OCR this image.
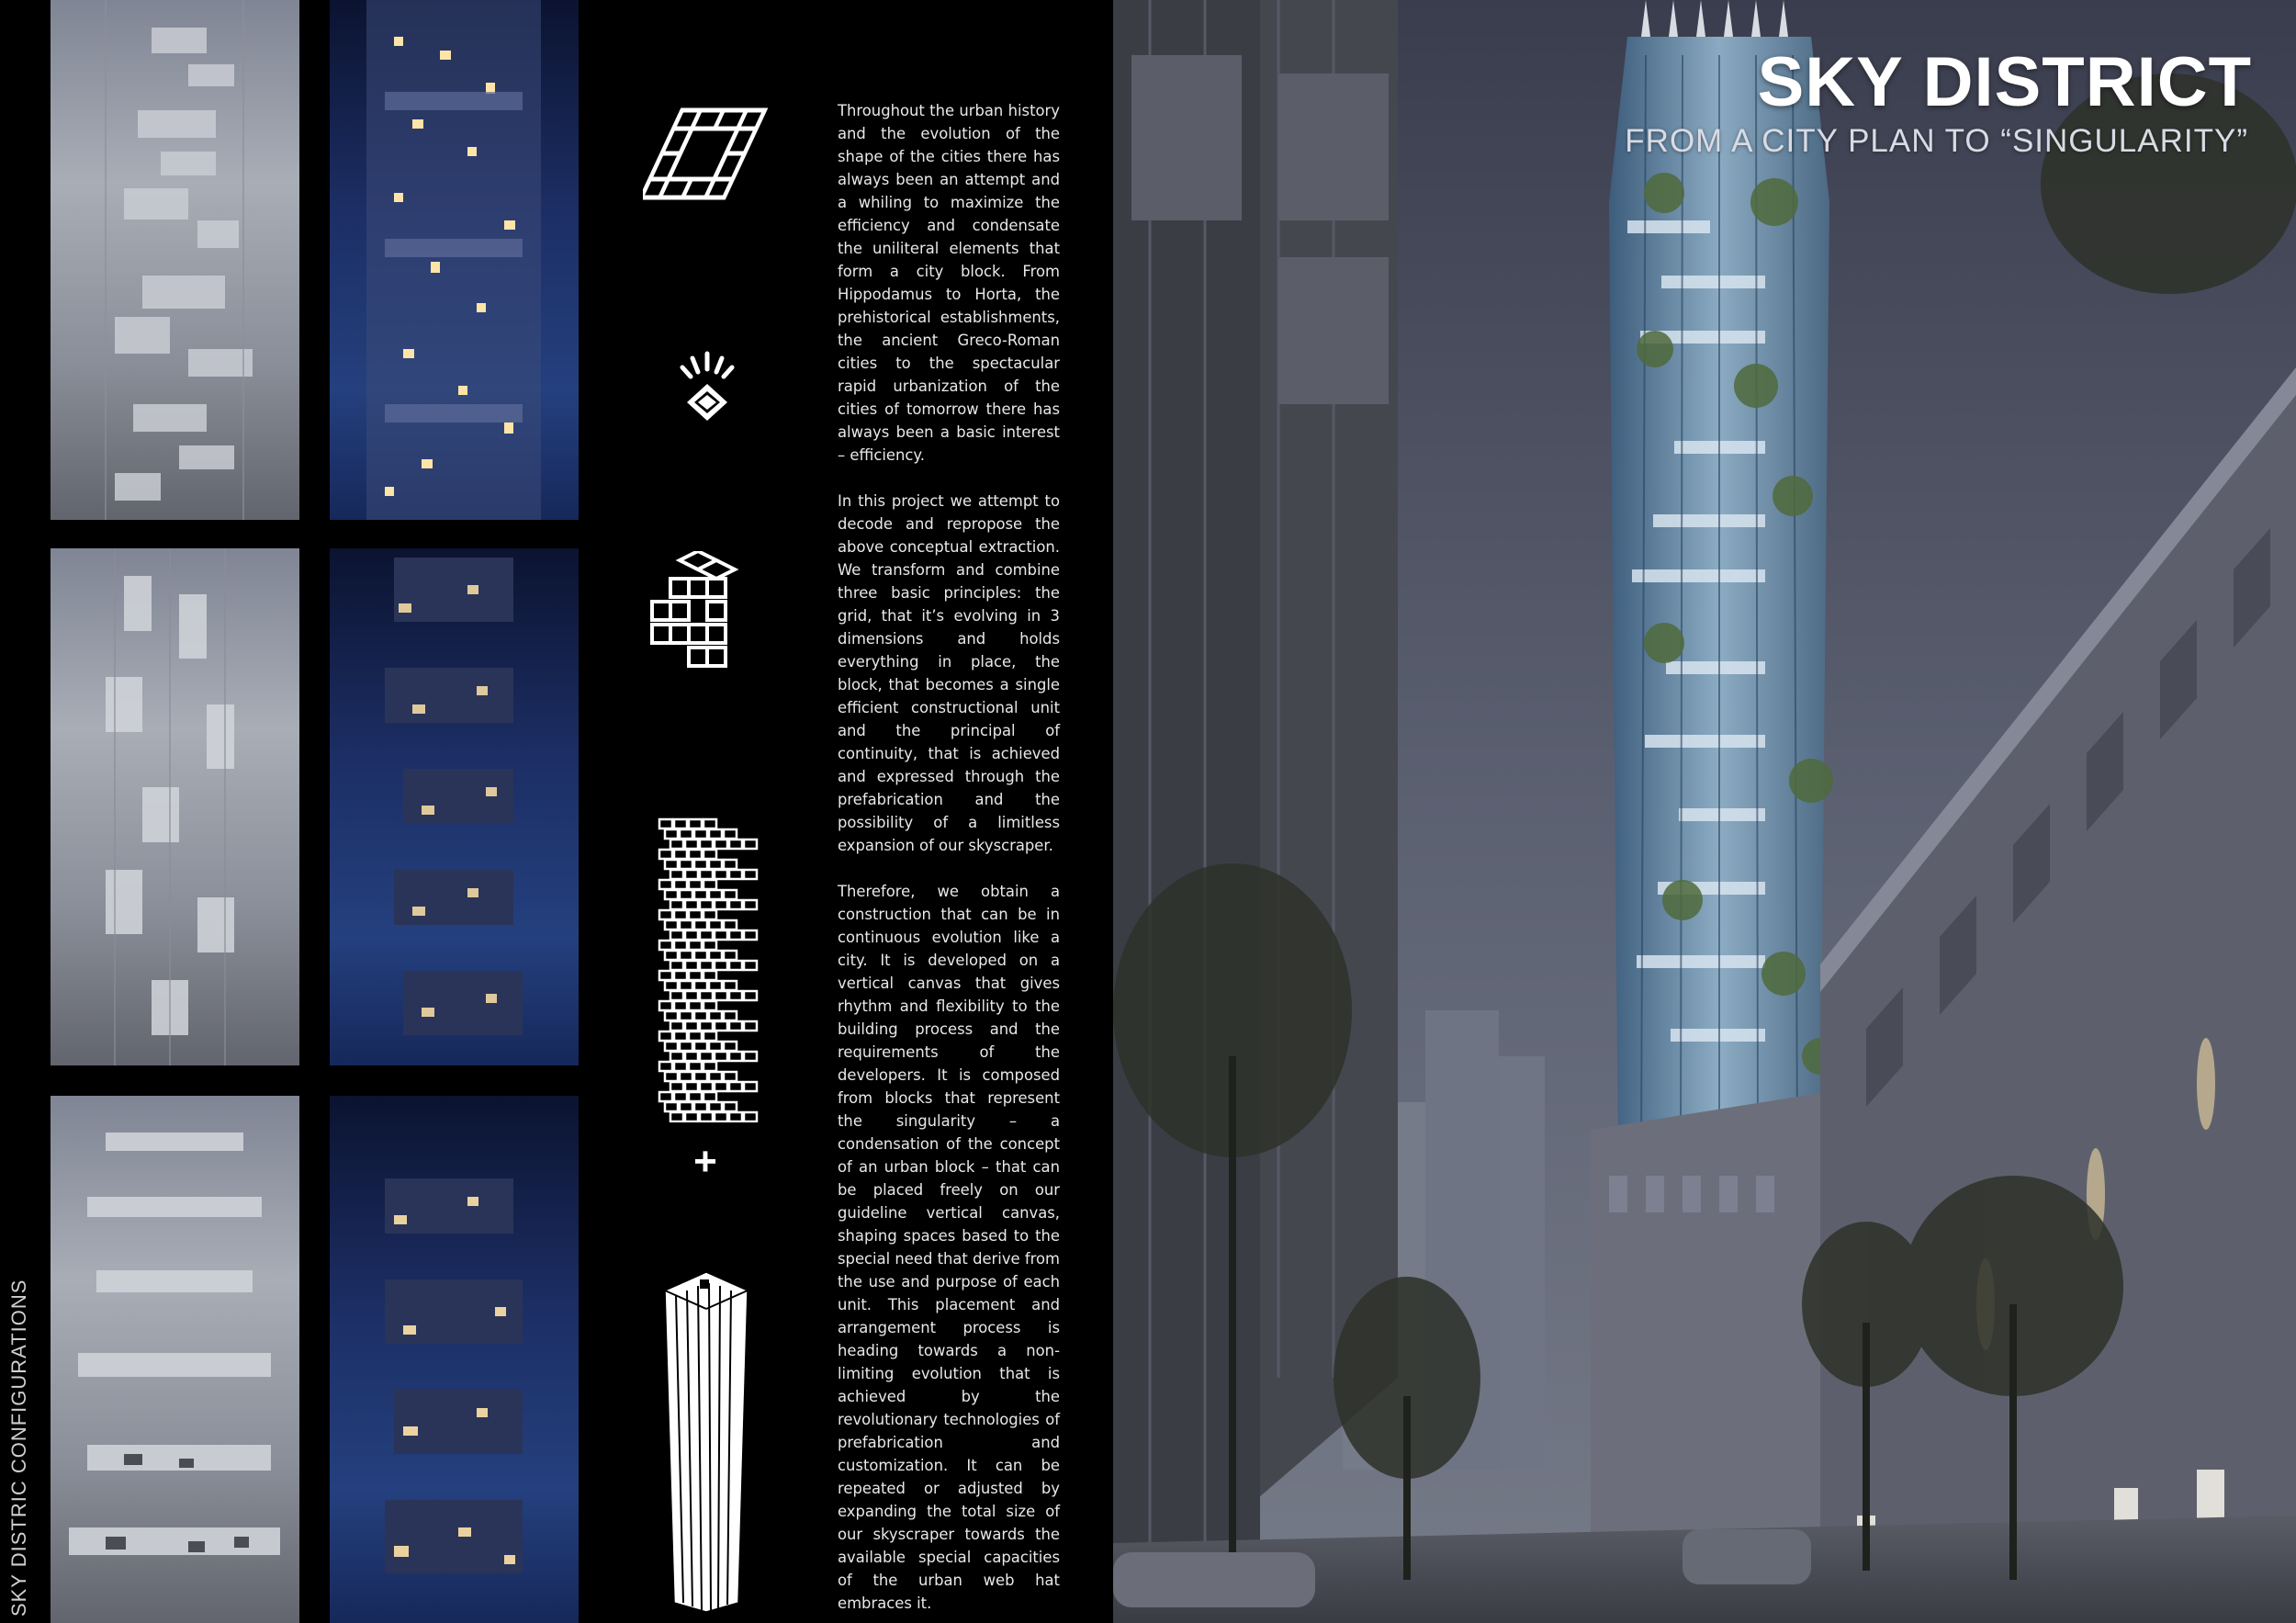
SKY DISTRIC CONFIGURATIONS
+

Throughout the urban history and the evolution of the shape of the cities there has always been an attempt and a whiling to maximize the efficiency and condensate the uniliteral elements that form a city block. From Hippodamus to Horta, the prehistorical establishments, the ancient Greco-Roman cities to the spectacular rapid urbanization of the cities of tomorrow there has always been a basic interest – efficiency.

In this project we attempt to decode and repropose the above conceptual extraction. We transform and combine three basic principles: the grid, that it’s evolving in 3 dimensions and holds everything in place, the block, that becomes a single efficient constructional unit and the principal of continuity, that is achieved and expressed through the prefabrication and the possibility of a limitless expansion of our skyscraper.

Therefore, we obtain a construction that can be in continuous evolution like a city. It is developed on a vertical canvas that gives rhythm and flexibility to the building process and the requirements of the developers. It is composed from blocks that represent the singularity – a condensation of the concept of an urban block – that can be placed freely on our guideline vertical canvas, shaping spaces based to the special need that derive from the use and purpose of each unit. This placement and arrangement process is heading towards a non-limiting evolution that is achieved by the revolutionary technologies of prefabrication and customization. It can be repeated or adjusted by expanding the total size of our skyscraper towards the available special capacities of the urban web hat embraces it.

SKY DISTRICT
FROM A CITY PLAN TO “SINGULARITY”
